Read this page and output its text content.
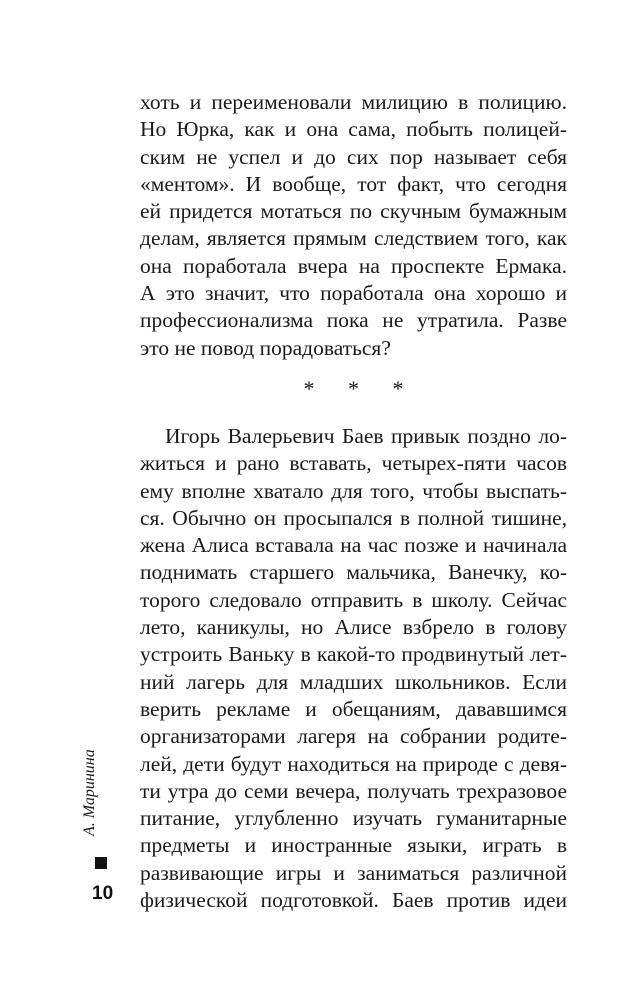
хоть и переименовали милицию в полицию.
Но Юрка, как и она сама, побыть полицей-
ским не успел и до сих пор называет себя
«ментом». И вообще, тот факт, что сегодня
ей придется мотаться по скучным бумажным
делам, является прямым следствием того, как
она поработала вчера на проспекте Ермака.
А это значит, что поработала она хорошо и
профессионализма пока не утратила. Разве
это не повод порадоваться?
* * *
Игорь Валерьевич Баев привык поздно ло-
житься и рано вставать, четырех-пяти часов
ему вполне хватало для того, чтобы выспать-
ся. Обычно он просыпался в полной тишине,
жена Алиса вставала на час позже и начинала
поднимать старшего мальчика, Ванечку, ко-
торого следовало отправить в школу. Сейчас
лето, каникулы, но Алисе взбрело в голову
устроить Ваньку в какой-то продвинутый лет-
ний лагерь для младших школьников. Если
верить рекламе и обещаниям, дававшимся
организаторами лагеря на собрании родите-
лей, дети будут находиться на природе с девя-
ти утра до семи вечера, получать трехразовое
питание, углубленно изучать гуманитарные
предметы и иностранные языки, играть в
развивающие игры и заниматься различной
физической подготовкой. Баев против идеи
А. Маринина
10
